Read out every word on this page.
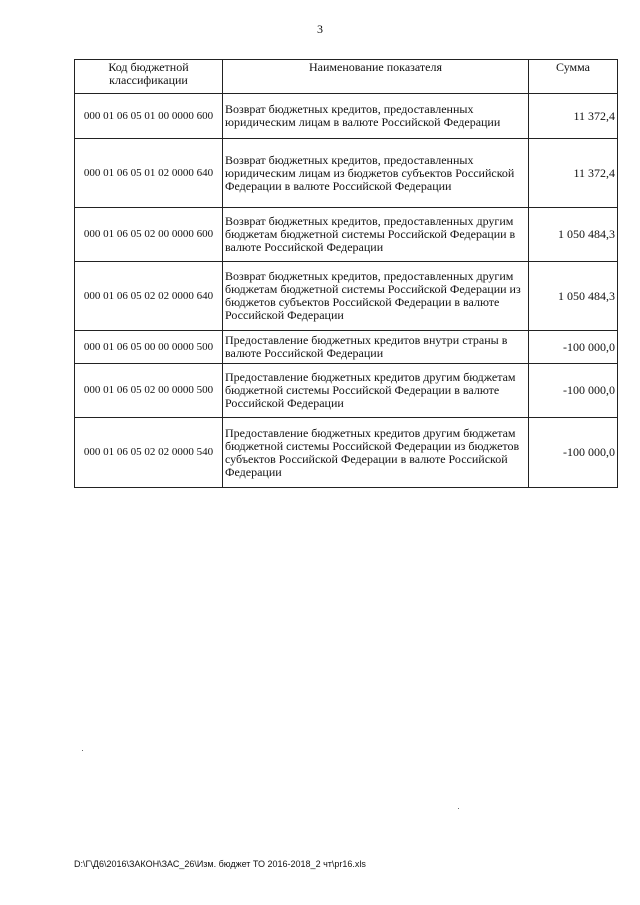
3
Код бюджетной классификации	Наименование показателя	Сумма
000 01 06 05 01 00 0000 600	Возврат бюджетных кредитов, предоставленных юридическим лицам в валюте Российской Федерации	11 372,4
000 01 06 05 01 02 0000 640	Возврат бюджетных кредитов, предоставленных юридическим лицам из бюджетов субъектов Российской Федерации в валюте Российской Федерации	11 372,4
000 01 06 05 02 00 0000 600	Возврат бюджетных кредитов, предоставленных другим бюджетам бюджетной системы Российской Федерации в валюте Российской Федерации	1 050 484,3
000 01 06 05 02 02 0000 640	Возврат бюджетных кредитов, предоставленных другим бюджетам бюджетной системы Российской Федерации из бюджетов субъектов Российской Федерации в валюте Российской Федерации	1 050 484,3
000 01 06 05 00 00 0000 500	Предоставление бюджетных кредитов внутри страны в валюте Российской Федерации	-100 000,0
000 01 06 05 02 00 0000 500	Предоставление бюджетных кредитов другим бюджетам бюджетной системы Российской Федерации в валюте Российской Федерации	-100 000,0
000 01 06 05 02 02 0000 540	Предоставление бюджетных кредитов другим бюджетам бюджетной системы Российской Федерации из бюджетов субъектов Российской Федерации в валюте Российской Федерации	-100 000,0
D:\Г\Д6\2016\ЗАКОН\ЗАС_26\Изм. бюджет ТО 2016-2018_2 чт\pr16.xls
